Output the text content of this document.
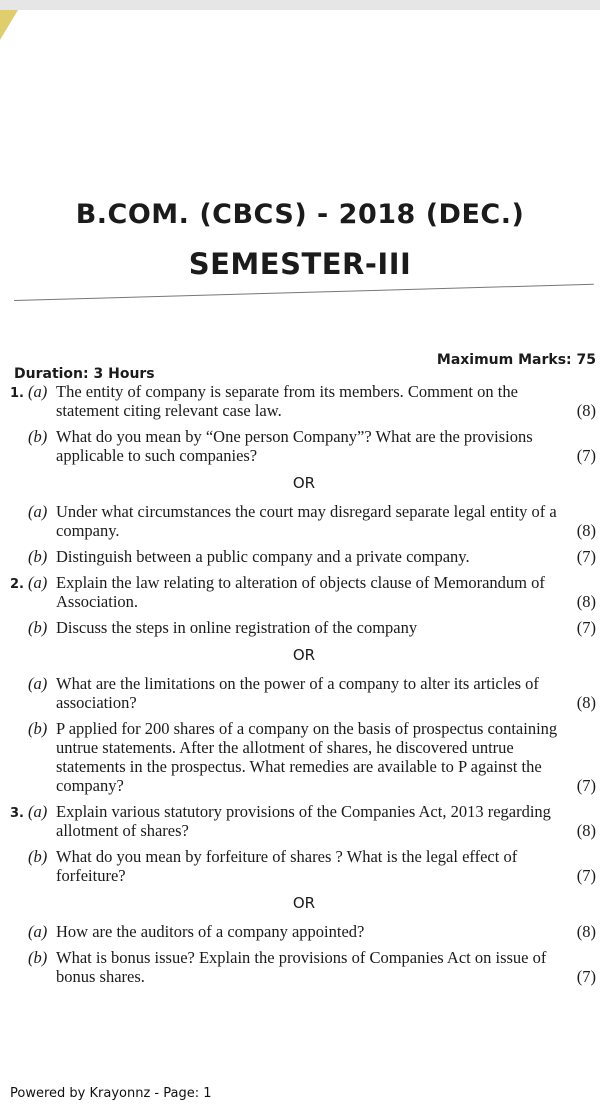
B.COM. (CBCS) - 2018 (DEC.)
SEMESTER-III
Duration: 3 Hours
Maximum Marks: 75
1. (a) The entity of company is separate from its members. Comment on the statement citing relevant case law.	(8)
(b) What do you mean by “One person Company”? What are the provisions applicable to such companies?	(7)
OR
(a) Under what circumstances the court may disregard separate legal entity of a company.	(8)
(b) Distinguish between a public company and a private company.	(7)
2. (a) Explain the law relating to alteration of objects clause of Memorandum of Association.	(8)
(b) Discuss the steps in online registration of the company	(7)
OR
(a) What are the limitations on the power of a company to alter its articles of association?	(8)
(b) P applied for 200 shares of a company on the basis of prospectus containing untrue statements. After the allotment of shares, he discovered untrue statements in the prospectus. What remedies are available to P against the company?	(7)
3. (a) Explain various statutory provisions of the Companies Act, 2013 regarding allotment of shares?	(8)
(b) What do you mean by forfeiture of shares ? What is the legal effect of forfeiture?	(7)
OR
(a) How are the auditors of a company appointed?	(8)
(b) What is bonus issue? Explain the provisions of Companies Act on issue of bonus shares.	(7)
Powered by Krayonnz - Page: 1
